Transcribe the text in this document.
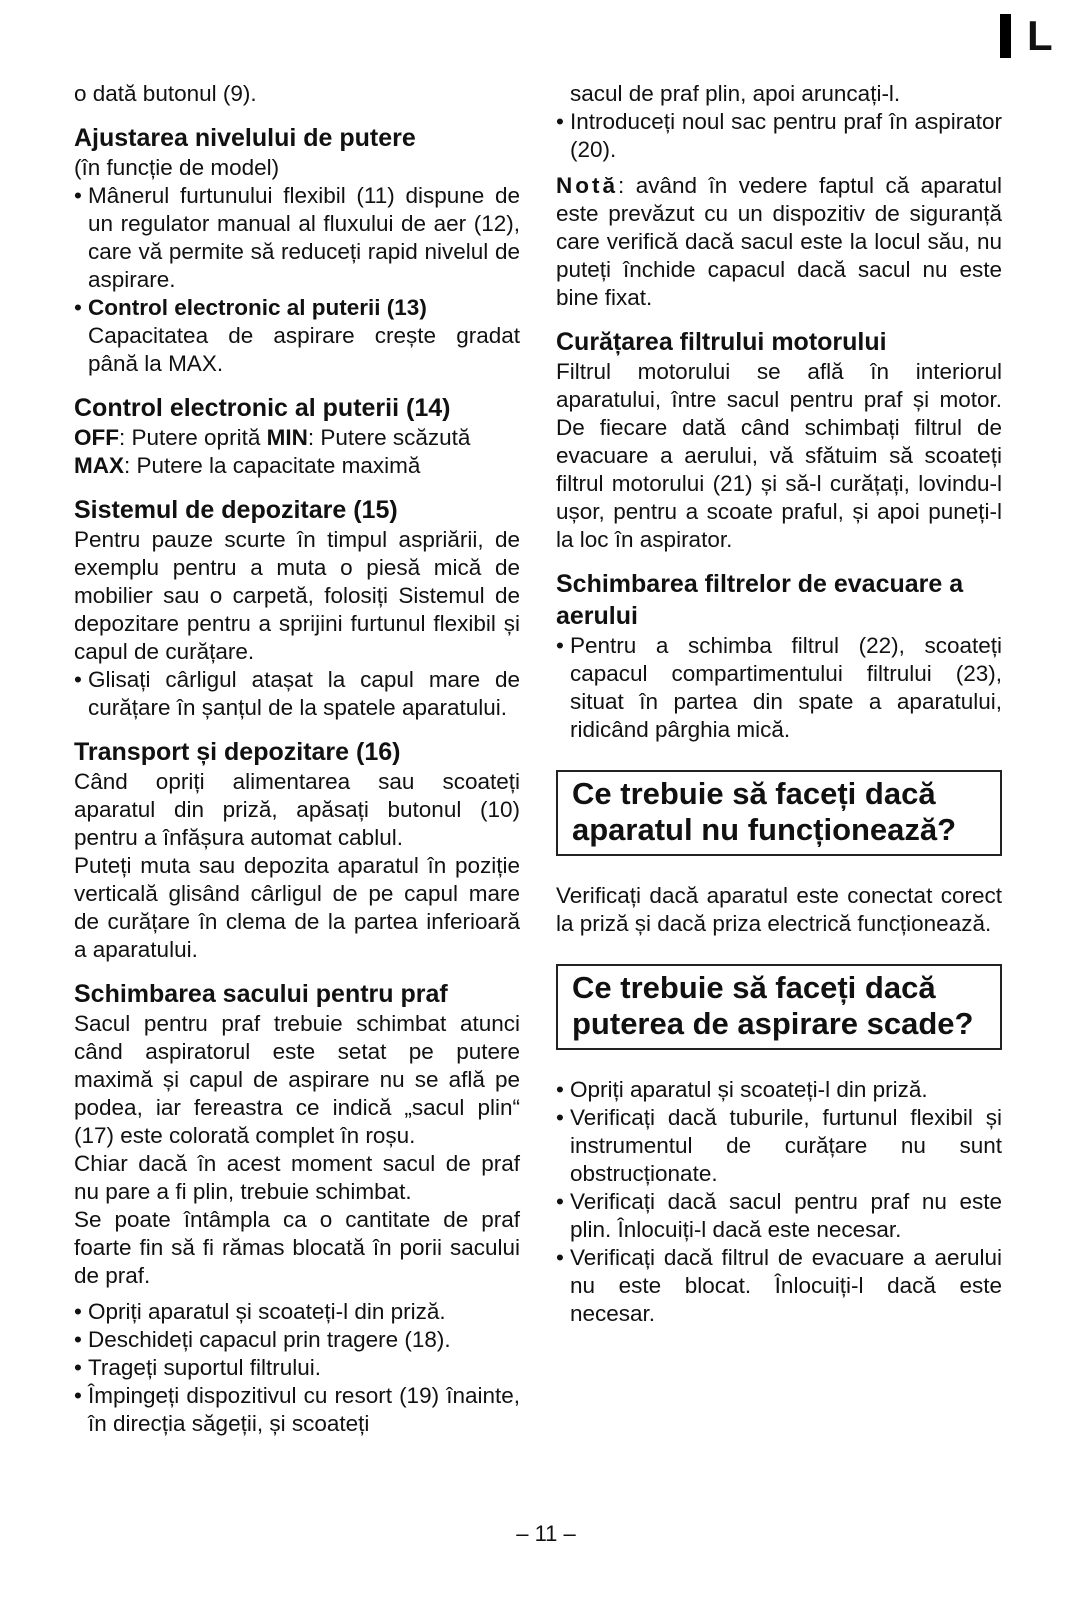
L

o dată butonul (9).

Ajustarea nivelului de putere

(în funcție de model)

• Mânerul furtunului flexibil (11) dispune de un regulator manual al fluxului de aer (12), care vă permite să reduceți rapid nivelul de aspirare.
• Control electronic al puterii (13)

Capacitatea de aspirare crește gradat până la MAX.

Control electronic al puterii (14)

OFF: Putere oprită MIN: Putere scăzută

MAX: Putere la capacitate maximă

Sistemul de depozitare (15)

Pentru pauze scurte în timpul aspriării, de exemplu pentru a muta o piesă mică de mobilier sau o carpetă, folosiți Sistemul de depozitare pentru a sprijini furtunul flexibil și capul de curățare.

• Glisați cârligul atașat la capul mare de curățare în șanțul de la spatele aparatului.
Transport și depozitare (16)

Când opriți alimentarea sau scoateți aparatul din priză, apăsați butonul (10) pentru a înfășura automat cablul.

Puteți muta sau depozita aparatul în poziție verticală glisând cârligul de pe capul mare de curățare în clema de la partea inferioară a aparatului.

Schimbarea sacului pentru praf

Sacul pentru praf trebuie schimbat atunci când aspiratorul este setat pe putere maximă și capul de aspirare nu se află pe podea, iar fereastra ce indică „sacul plin“ (17) este colorată complet în roșu.

Chiar dacă în acest moment sacul de praf nu pare a fi plin, trebuie schimbat.

Se poate întâmpla ca o cantitate de praf foarte fin să fi rămas blocată în porii sacului de praf.

• Opriți aparatul și scoateți-l din priză.
• Deschideți capacul prin tragere (18).
• Trageți suportul filtrului.
• Împingeți dispozitivul cu resort (19) înainte, în direcția săgeții, și scoateți

sacul de praf plin, apoi aruncați-l.

• Introduceți noul sac pentru praf în aspirator (20).

Notă: având în vedere faptul că aparatul este prevăzut cu un dispozitiv de siguranță care verifică dacă sacul este la locul său, nu puteți închide capacul dacă sacul nu este bine fixat.

Curățarea filtrului motorului

Filtrul motorului se află în interiorul aparatului, între sacul pentru praf și motor. De fiecare dată când schimbați filtrul de evacuare a aerului, vă sfătuim să scoateți filtrul motorului (21) și să-l curățați, lovindu-l ușor, pentru a scoate praful, și apoi puneți-l la loc în aspirator.

Schimbarea filtrelor de evacuare a aerului
• Pentru a schimba filtrul (22), scoateți capacul compartimentului filtrului (23), situat în partea din spate a aparatului, ridicând pârghia mică.
Ce trebuie să faceți dacă aparatul nu funcționează?

Verificați dacă aparatul este conectat corect la priză și dacă priza electrică funcționează.

Ce trebuie să faceți dacă puterea de aspirare scade?
• Opriți aparatul și scoateți-l din priză.
• Verificați dacă tuburile, furtunul flexibil și instrumentul de curățare nu sunt obstrucționate.
• Verificați dacă sacul pentru praf nu este plin. Înlocuiți-l dacă este necesar.
• Verificați dacă filtrul de evacuare a aerului nu este blocat. Înlocuiți-l dacă este necesar.
– 11 –
